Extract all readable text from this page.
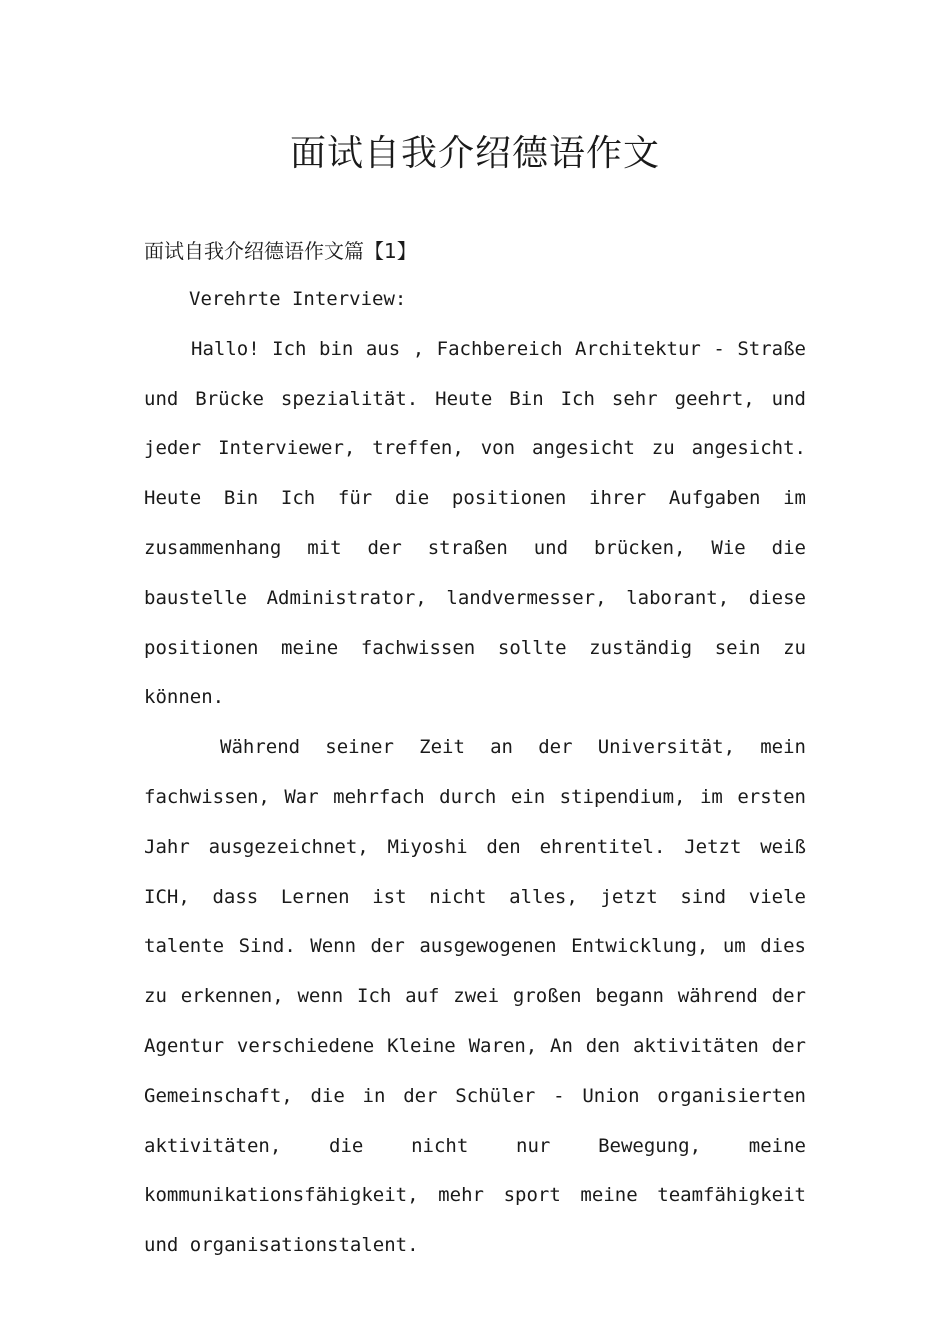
面试自我介绍德语作文
面试自我介绍德语作文篇【1】

Verehrte Interview:

Hallo! Ich bin aus , Fachbereich Architektur - Straße und Brücke spezialität. Heute Bin Ich sehr geehrt, und jeder Interviewer, treffen, von angesicht zu angesicht. Heute Bin Ich für die positionen ihrer Aufgaben im zusammenhang mit der straßen und brücken, Wie die baustelle Administrator, landvermesser, laborant, diese positionen meine fachwissen sollte zuständig sein zu können.

Während seiner Zeit an der Universität, mein fachwissen, War mehrfach durch ein stipendium, im ersten Jahr ausgezeichnet, Miyoshi den ehrentitel. Jetzt weiß ICH, dass Lernen ist nicht alles, jetzt sind viele talente Sind. Wenn der ausgewogenen Entwicklung, um dies zu erkennen, wenn Ich auf zwei großen begann während der Agentur verschiedene Kleine Waren, An den aktivitäten der Gemeinschaft, die in der Schüler - Union organisierten aktivitäten, die nicht nur Bewegung, meine kommunikationsfähigkeit, mehr sport meine teamfähigkeit und organisationstalent.
